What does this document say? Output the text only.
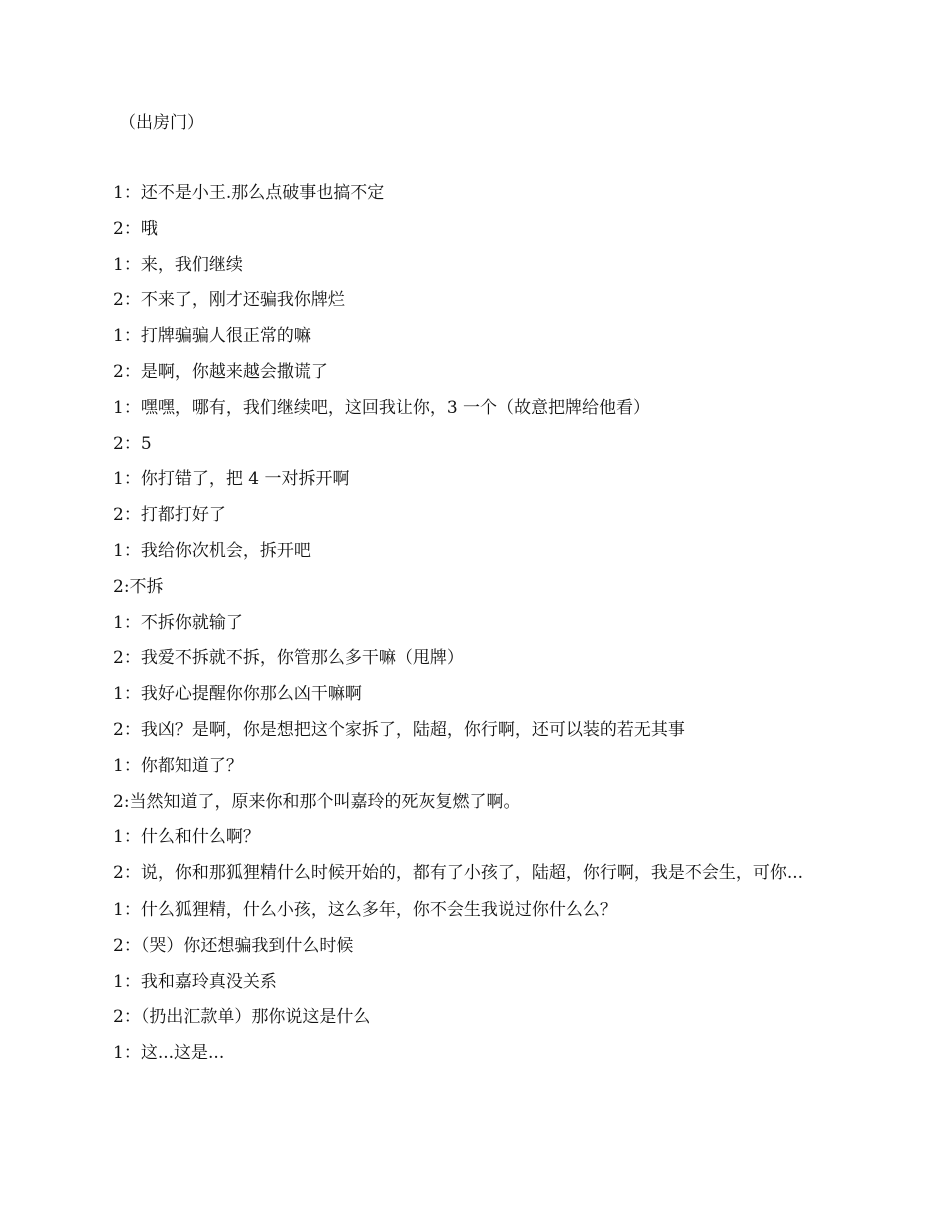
（出房门）
1：还不是小王.那么点破事也搞不定
2：哦
1：来，我们继续
2：不来了，刚才还骗我你牌烂
1：打牌骗骗人很正常的嘛
2：是啊，你越来越会撒谎了
1：嘿嘿，哪有，我们继续吧，这回我让你，3 一个（故意把牌给他看）
2：5
1：你打错了，把 4 一对拆开啊
2：打都打好了
1：我给你次机会，拆开吧
2:不拆
1：不拆你就输了
2：我爱不拆就不拆，你管那么多干嘛（甩牌）
1：我好心提醒你你那么凶干嘛啊
2：我凶？是啊，你是想把这个家拆了，陆超，你行啊，还可以装的若无其事
1：你都知道了？
2:当然知道了，原来你和那个叫嘉玲的死灰复燃了啊。
1：什么和什么啊？
2：说，你和那狐狸精什么时候开始的，都有了小孩了，陆超，你行啊，我是不会生，可你...
1：什么狐狸精，什么小孩，这么多年，你不会生我说过你什么么？
2：（哭）你还想骗我到什么时候
1：我和嘉玲真没关系
2：（扔出汇款单）那你说这是什么
1：这...这是...
